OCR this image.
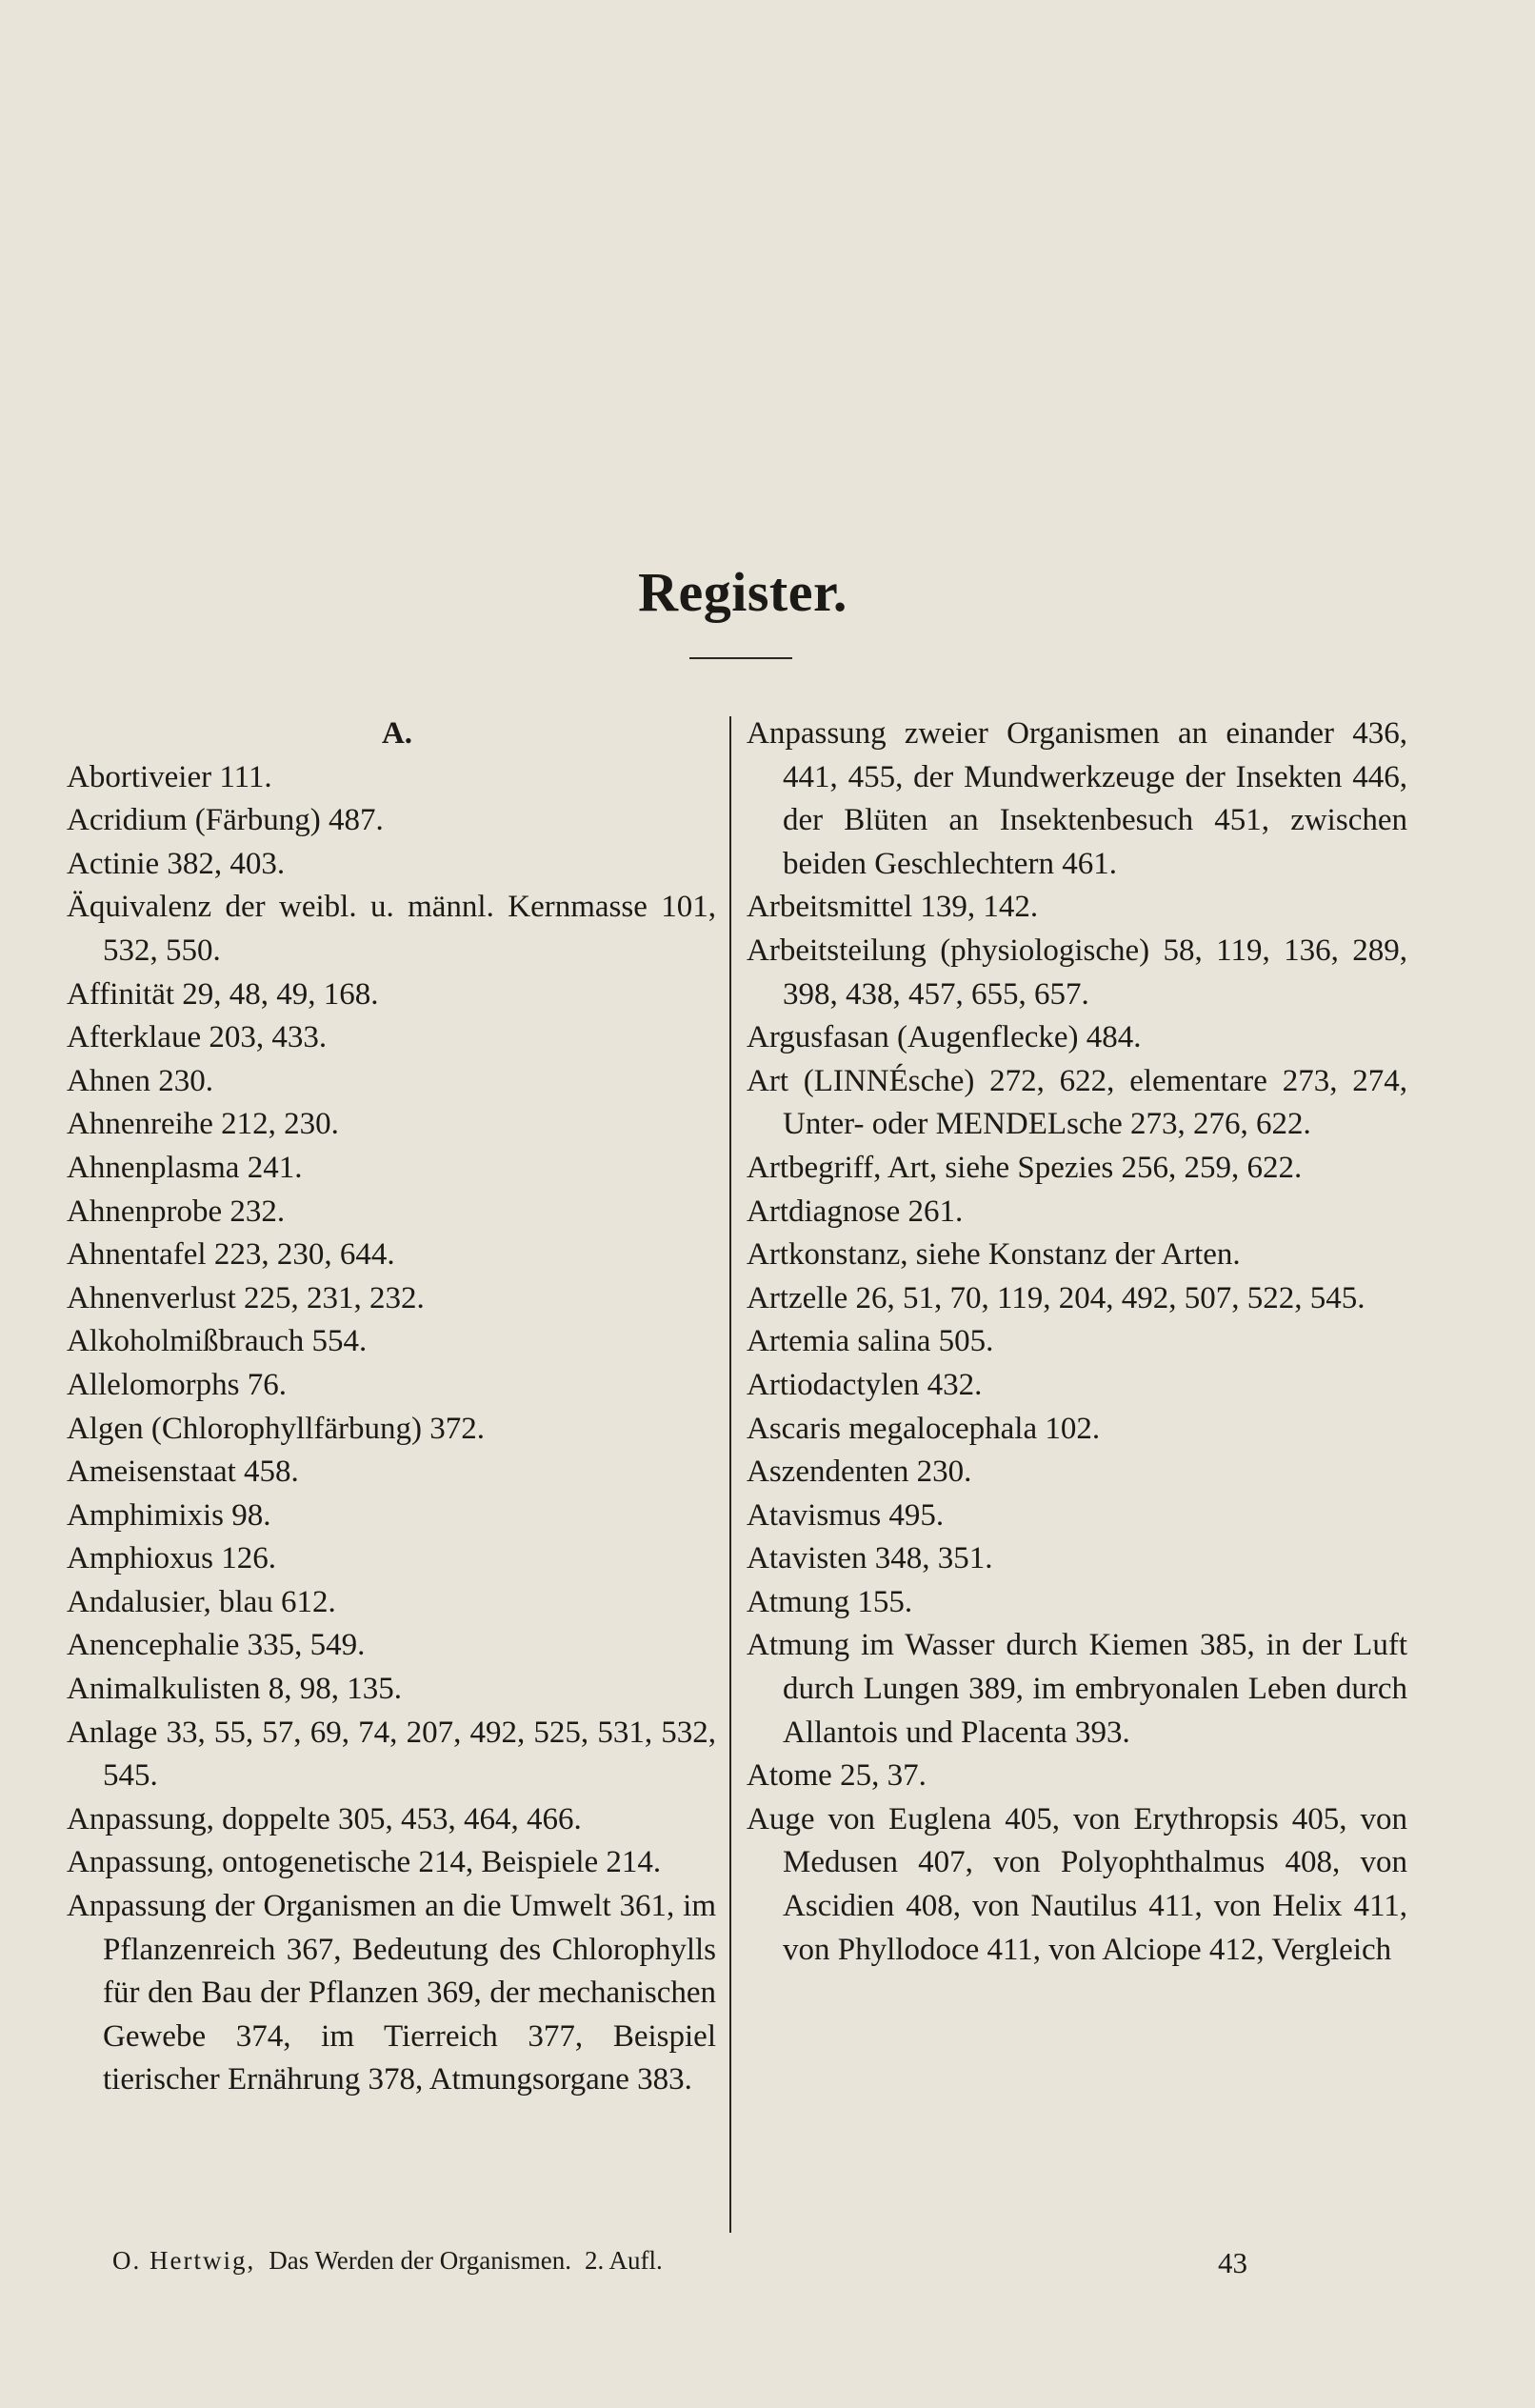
Register.
A.
Abortiveier 111.
Acridium (Färbung) 487.
Actinie 382, 403.
Äquivalenz der weibl. u. männl. Kernmasse 101, 532, 550.
Affinität 29, 48, 49, 168.
Afterklaue 203, 433.
Ahnen 230.
Ahnenreihe 212, 230.
Ahnenplasma 241.
Ahnenprobe 232.
Ahnentafel 223, 230, 644.
Ahnenverlust 225, 231, 232.
Alkoholmißbrauch 554.
Allelomorphs 76.
Algen (Chlorophyllfärbung) 372.
Ameisenstaat 458.
Amphimixis 98.
Amphioxus 126.
Andalusier, blau 612.
Anencephalie 335, 549.
Animalkulisten 8, 98, 135.
Anlage 33, 55, 57, 69, 74, 207, 492, 525, 531, 532, 545.
Anpassung, doppelte 305, 453, 464, 466.
Anpassung, ontogenetische 214, Beispiele 214.
Anpassung der Organismen an die Umwelt 361, im Pflanzenreich 367, Bedeutung des Chlorophylls für den Bau der Pflanzen 369, der mechanischen Gewebe 374, im Tierreich 377, Beispiel tierischer Ernährung 378, Atmungsorgane 383.
Anpassung zweier Organismen an einander 436, 441, 455, der Mundwerkzeuge der Insekten 446, der Blüten an Insektenbesuch 451, zwischen beiden Geschlechtern 461.
Arbeitsmittel 139, 142.
Arbeitsteilung (physiologische) 58, 119, 136, 289, 398, 438, 457, 655, 657.
Argusfasan (Augenflecke) 484.
Art (LINNÉsche) 272, 622, elementare 273, 274, Unter- oder MENDELsche 273, 276, 622.
Artbegriff, Art, siehe Spezies 256, 259, 622.
Artdiagnose 261.
Artkonstanz, siehe Konstanz der Arten.
Artzelle 26, 51, 70, 119, 204, 492, 507, 522, 545.
Artemia salina 505.
Artiodactylen 432.
Ascaris megalocephala 102.
Aszendenten 230.
Atavismus 495.
Atavisten 348, 351.
Atmung 155.
Atmung im Wasser durch Kiemen 385, in der Luft durch Lungen 389, im embryonalen Leben durch Allantois und Placenta 393.
Atome 25, 37.
Auge von Euglena 405, von Erythropsis 405, von Medusen 407, von Polyophthalmus 408, von Ascidien 408, von Nautilus 411, von Helix 411, von Phyllodoce 411, von Alciope 412, Vergleich
O. Hertwig, Das Werden der Organismen. 2. Aufl.	43
